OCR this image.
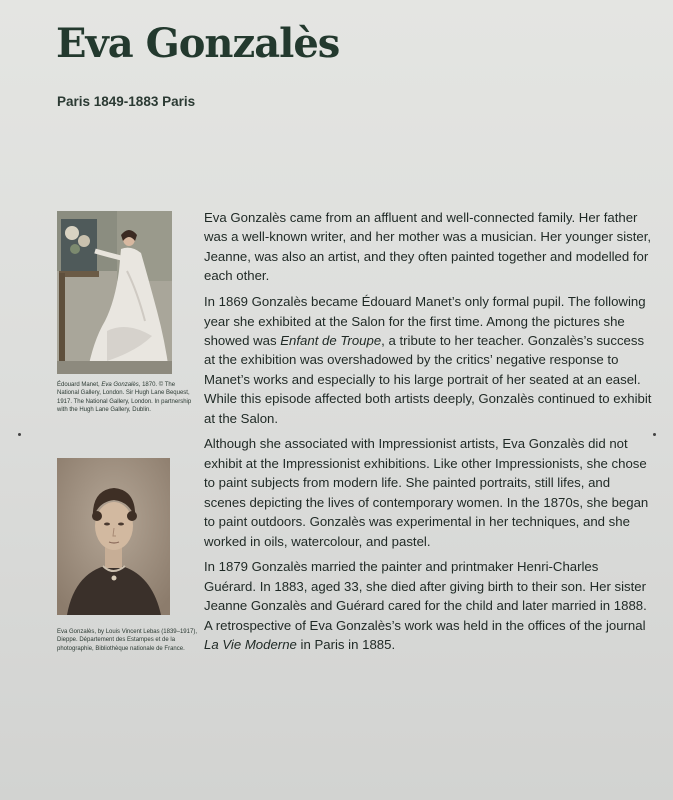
Eva Gonzalès
Paris 1849-1883 Paris
Édouard Manet, Eva Gonzalès, 1870. © The National Gallery, London. Sir Hugh Lane Bequest, 1917. The National Gallery, London. In partnership with the Hugh Lane Gallery, Dublin.
Eva Gonzalès, by Louis Vincent Lebas (1839–1917), Dieppe. Département des Estampes et de la photographie, Bibliothèque nationale de France.

Eva Gonzalès came from an affluent and well-connected family. Her father was a well-known writer, and her mother was a musician. Her younger sister, Jeanne, was also an artist, and they often painted together and modelled for each other.

In 1869 Gonzalès became Édouard Manet’s only formal pupil. The following year she exhibited at the Salon for the first time. Among the pictures she showed was Enfant de Troupe, a tribute to her teacher. Gonzalès’s success at the exhibition was overshadowed by the critics’ negative response to Manet’s works and especially to his large portrait of her seated at an easel. While this episode affected both artists deeply, Gonzalès continued to exhibit at the Salon.

Although she associated with Impressionist artists, Eva Gonzalès did not exhibit at the Impressionist exhibitions. Like other Impressionists, she chose to paint subjects from modern life. She painted portraits, still lifes, and scenes depicting the lives of contemporary women. In the 1870s, she began to paint outdoors. Gonzalès was experimental in her techniques, and she worked in oils, watercolour, and pastel.

In 1879 Gonzalès married the painter and printmaker Henri-Charles Guérard. In 1883, aged 33, she died after giving birth to their son. Her sister Jeanne Gonzalès and Guérard cared for the child and later married in 1888. A retrospective of Eva Gonzalès’s work was held in the offices of the journal La Vie Moderne in Paris in 1885.
